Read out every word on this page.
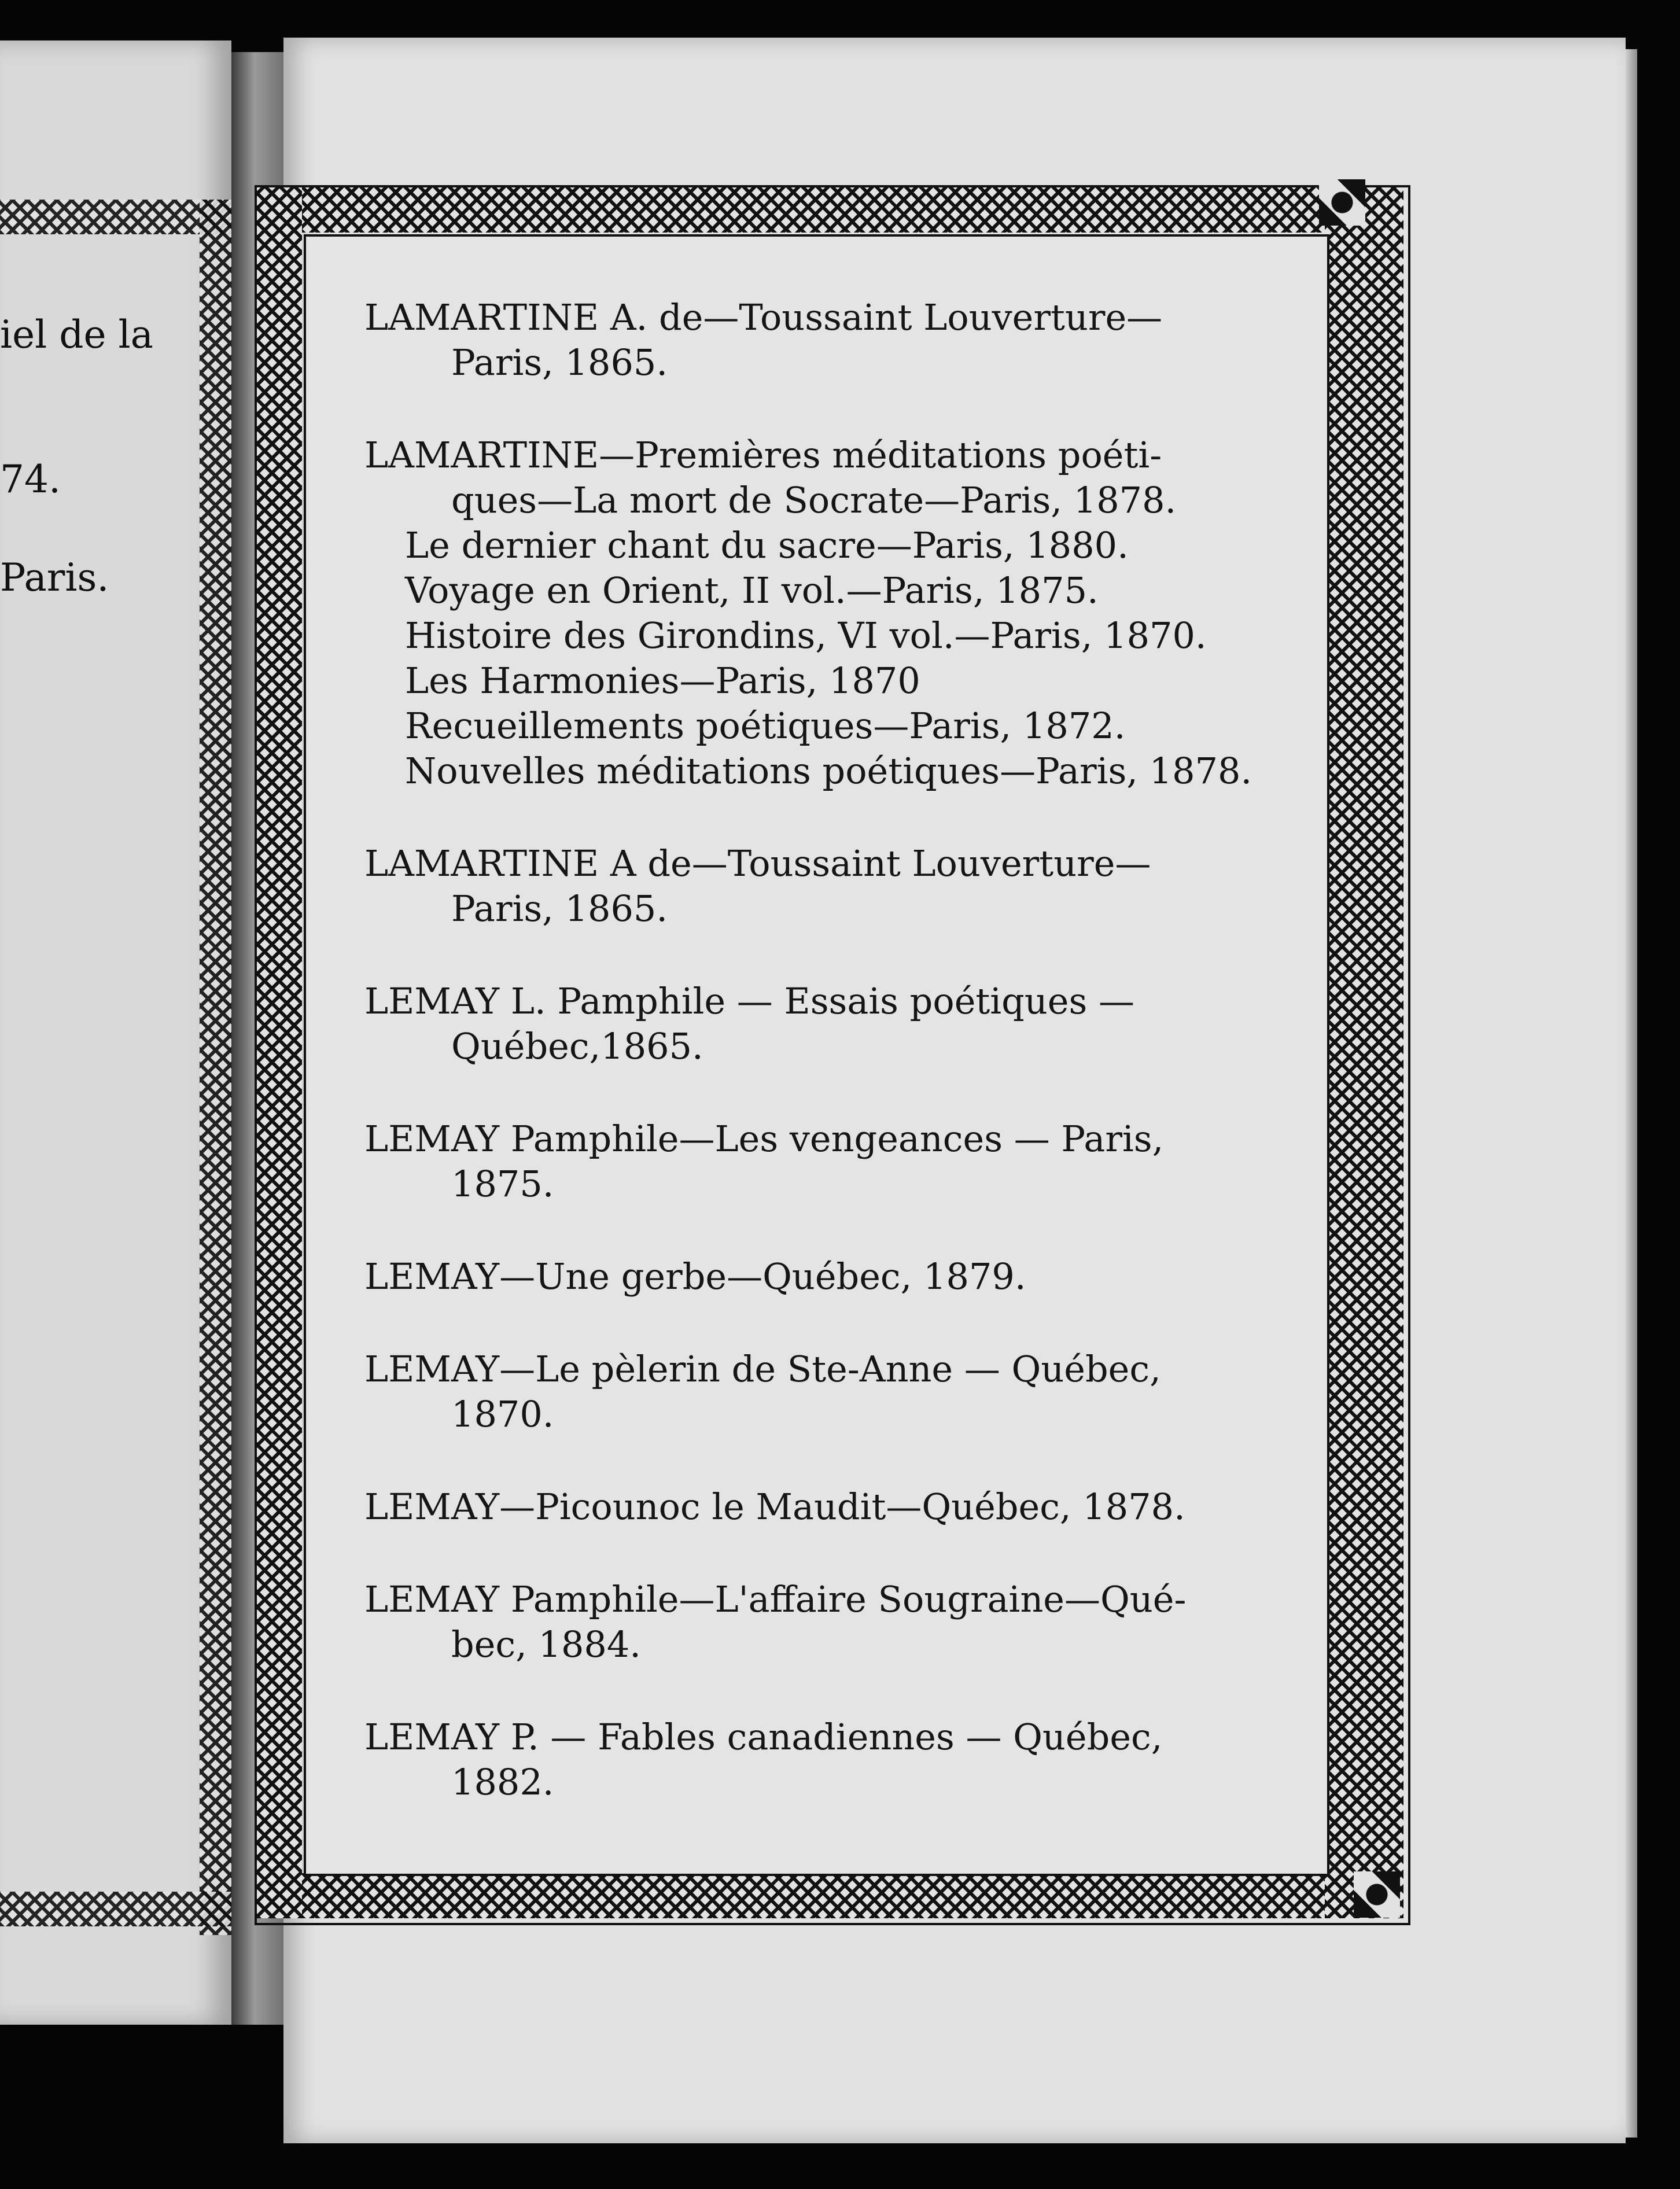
iel de la
74.
Paris.
LAMARTINE A. de—Toussaint Louverture—
Paris, 1865.
LAMARTINE—Premières méditations poéti-
ques—La mort de Socrate—Paris, 1878.
Le dernier chant du sacre—Paris, 1880.
Voyage en Orient, II vol.—Paris, 1875.
Histoire des Girondins, VI vol.—Paris, 1870.
Les Harmonies—Paris, 1870
Recueillements poétiques—Paris, 1872.
Nouvelles méditations poétiques—Paris, 1878.
LAMARTINE A de—Toussaint Louverture—
Paris, 1865.
LEMAY L. Pamphile — Essais poétiques —
Québec,1865.
LEMAY Pamphile—Les vengeances — Paris,
1875.
LEMAY—Une gerbe—Québec, 1879.
LEMAY—Le pèlerin de Ste-Anne — Québec,
1870.
LEMAY—Picounoc le Maudit—Québec, 1878.
LEMAY Pamphile—L'affaire Sougraine—Qué-
bec, 1884.
LEMAY P. — Fables canadiennes — Québec,
1882.
